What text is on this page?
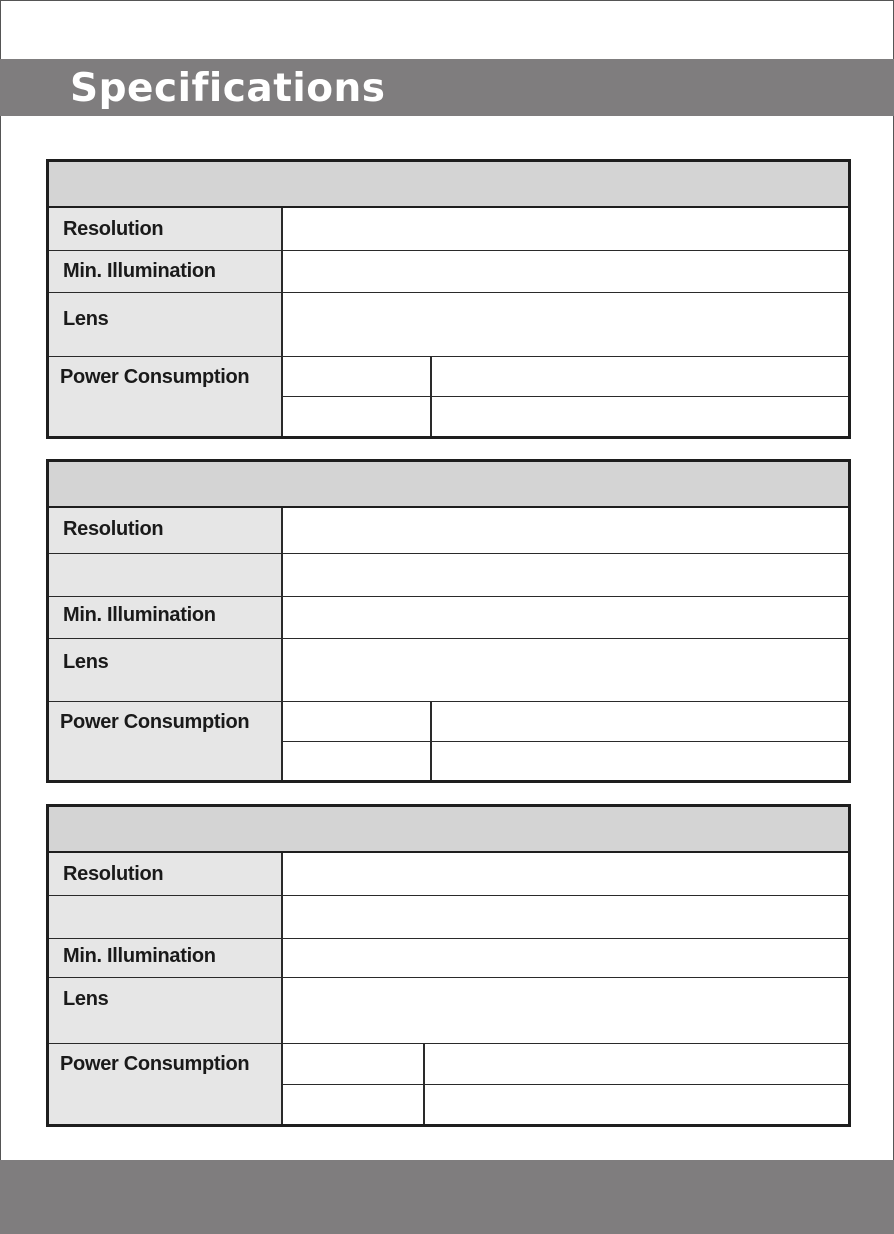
Specifications
Resolution
Min. Illumination
Lens
Power Consumption
Resolution
Min. Illumination
Lens
Power Consumption
Resolution
Min. Illumination
Lens
Power Consumption
